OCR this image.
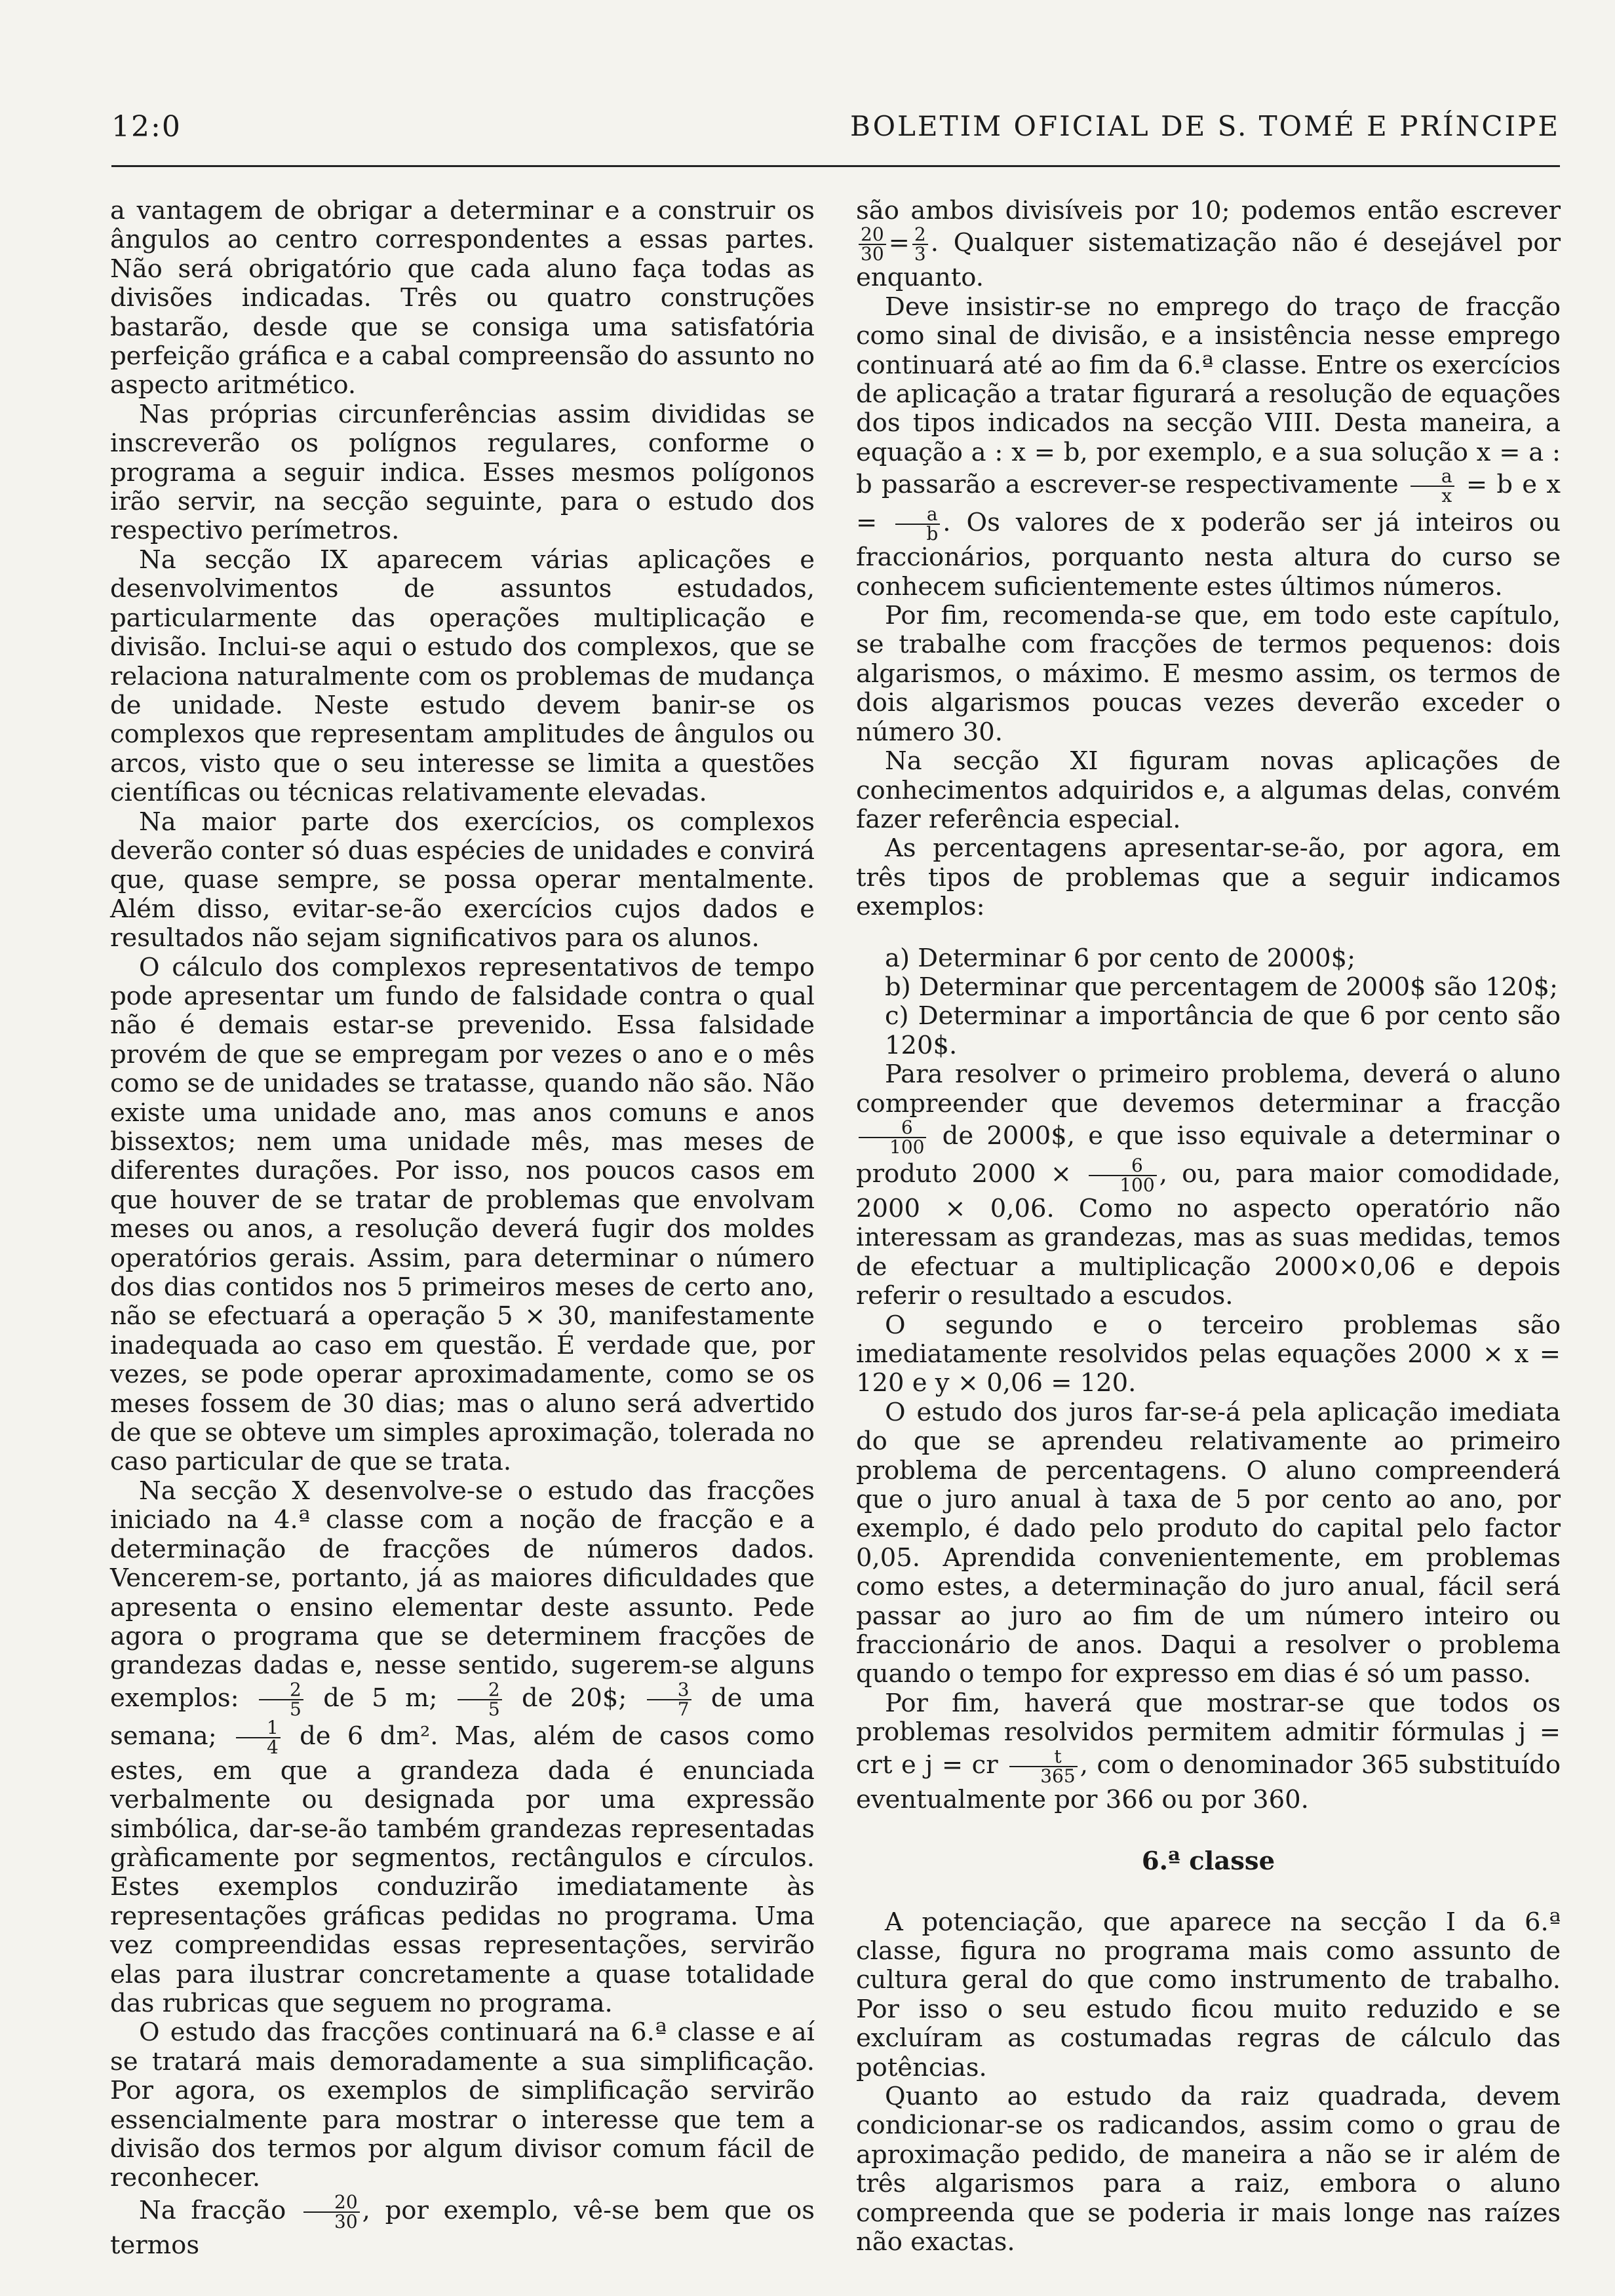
12:0	BOLETIM OFICIAL DE S. TOMÉ E PRÍNCIPE

a vantagem de obrigar a determinar e a construir os ângulos ao centro correspondentes a essas partes. Não será obrigatório que cada aluno faça todas as divisões indicadas. Três ou quatro construções bastarão, desde que se consiga uma satisfatória perfeição gráfica e a cabal compreensão do assunto no aspecto aritmético.

Nas próprias circunferências assim divididas se inscreverão os polígnos regulares, conforme o programa a seguir indica. Esses mesmos polígonos irão servir, na secção seguinte, para o estudo dos respectivo perímetros.

Na secção IX aparecem várias aplicações e desenvolvimentos de assuntos estudados, particularmente das operações multiplicação e divisão. Inclui-se aqui o estudo dos complexos, que se relaciona naturalmente com os problemas de mudança de unidade. Neste estudo devem banir-se os complexos que representam amplitudes de ângulos ou arcos, visto que o seu interesse se limita a questões científicas ou técnicas relativamente elevadas.

Na maior parte dos exercícios, os complexos deverão conter só duas espécies de unidades e convirá que, quase sempre, se possa operar mentalmente. Além disso, evitar-se-ão exercícios cujos dados e resultados não sejam significativos para os alunos.

O cálculo dos complexos representativos de tempo pode apresentar um fundo de falsidade contra o qual não é demais estar-se prevenido. Essa falsidade provém de que se empregam por vezes o ano e o mês como se de unidades se tratasse, quando não são. Não existe uma unidade ano, mas anos comuns e anos bissextos; nem uma unidade mês, mas meses de diferentes durações. Por isso, nos poucos casos em que houver de se tratar de problemas que envolvam meses ou anos, a resolução deverá fugir dos moldes operatórios gerais. Assim, para determinar o número dos dias contidos nos 5 primeiros meses de certo ano, não se efectuará a operação 5 × 30, manifestamente inadequada ao caso em questão. É verdade que, por vezes, se pode operar aproximadamente, como se os meses fossem de 30 dias; mas o aluno será advertido de que se obteve um simples aproximação, tolerada no caso particular de que se trata.

Na secção X desenvolve-se o estudo das fracções iniciado na 4.ª classe com a noção de fracção e a determinação de fracções de números dados. Vencerem-se, portanto, já as maiores dificuldades que apresenta o ensino elementar deste assunto. Pede agora o programa que se determinem fracções de grandezas dadas e, nesse sentido, sugerem-se alguns exemplos: $\frac{2}{5}$ de 5 m; $\frac{2}{5}$ de 20$; $\frac{3}{7}$ de uma semana; $\frac{1}{4}$ de 6 dm². Mas, além de casos como estes, em que a grandeza dada é enunciada verbalmente ou designada por uma expressão simbólica, dar-se-ão também grandezas representadas gràficamente por segmentos, rectângulos e círculos. Estes exemplos conduzirão imediatamente às representações gráficas pedidas no programa. Uma vez compreendidas essas representações, servirão elas para ilustrar concretamente a quase totalidade das rubricas que seguem no programa.

O estudo das fracções continuará na 6.ª classe e aí se tratará mais demoradamente a sua simplificação. Por agora, os exemplos de simplificação servirão essencialmente para mostrar o interesse que tem a divisão dos termos por algum divisor comum fácil de reconhecer.

Na fracção $\frac{20}{30}$ , por exemplo, vê-se bem que os termos

são ambos divisíveis por 10; podemos então escrever
$\frac{20}{30} = \frac{2}{3}$ . Qualquer sistematização não é desejável por enquanto.

Deve insistir-se no emprego do traço de fracção como sinal de divisão, e a insistência nesse emprego continuará até ao fim da 6.ª classe. Entre os exercícios de aplicação a tratar figurará a resolução de equações dos tipos indicados na secção VIII. Desta maneira, a equação a : x = b, por exemplo, e a sua solução x = a : b passarão a escrever-se respectivamente $\frac{a}{x} = b$ e $x = \frac{a}{b}$ . Os valores de x poderão ser já inteiros ou fraccionários, porquanto nesta altura do curso se conhecem suficientemente estes últimos números.

Por fim, recomenda-se que, em todo este capítulo, se trabalhe com fracções de termos pequenos: dois algarismos, o máximo. E mesmo assim, os termos de dois algarismos poucas vezes deverão exceder o número 30.

Na secção XI figuram novas aplicações de conhecimentos adquiridos e, a algumas delas, convém fazer referência especial.

As percentagens apresentar-se-ão, por agora, em três tipos de problemas que a seguir indicamos exemplos:

a) Determinar 6 por cento de 2000$;

b) Determinar que percentagem de 2000$ são 120$;

c) Determinar a importância de que 6 por cento são 120$.

Para resolver o primeiro problema, deverá o aluno compreender que devemos determinar a fracção
$\frac{6}{100}$ de 2000$, e que isso equivale a determinar o produto $2000 \times \frac{6}{100}$ , ou, para maior comodidade, 2000 × 0,06. Como no aspecto operatório não interessam as grandezas, mas as suas medidas, temos de efectuar a multiplicação 2000×0,06 e depois referir o resultado a escudos.

O segundo e o terceiro problemas são imediatamente resolvidos pelas equações 2000 × x = 120 e y × 0,06 = 120.

O estudo dos juros far-se-á pela aplicação imediata do que se aprendeu relativamente ao primeiro problema de percentagens. O aluno compreenderá que o juro anual à taxa de 5 por cento ao ano, por exemplo, é dado pelo produto do capital pelo factor 0,05. Aprendida convenientemente, em problemas como estes, a determinação do juro anual, fácil será passar ao juro ao fim de um número inteiro ou fraccionário de anos. Daqui a resolver o problema quando o tempo for expresso em dias é só um passo.

Por fim, haverá que mostrar-se que todos os problemas resolvidos permitem admitir fórmulas j = crt e j = cr $\frac{t}{365}$ , com o denominador 365 substituído eventualmente por 366 ou por 360.

6.ª classe

A potenciação, que aparece na secção I da 6.ª classe, figura no programa mais como assunto de cultura geral do que como instrumento de trabalho. Por isso o seu estudo ficou muito reduzido e se excluíram as costumadas regras de cálculo das potências.

Quanto ao estudo da raiz quadrada, devem condicionar-se os radicandos, assim como o grau de aproximação pedido, de maneira a não se ir além de três algarismos para a raiz, embora o aluno compreenda que se poderia ir mais longe nas raízes não exactas.
